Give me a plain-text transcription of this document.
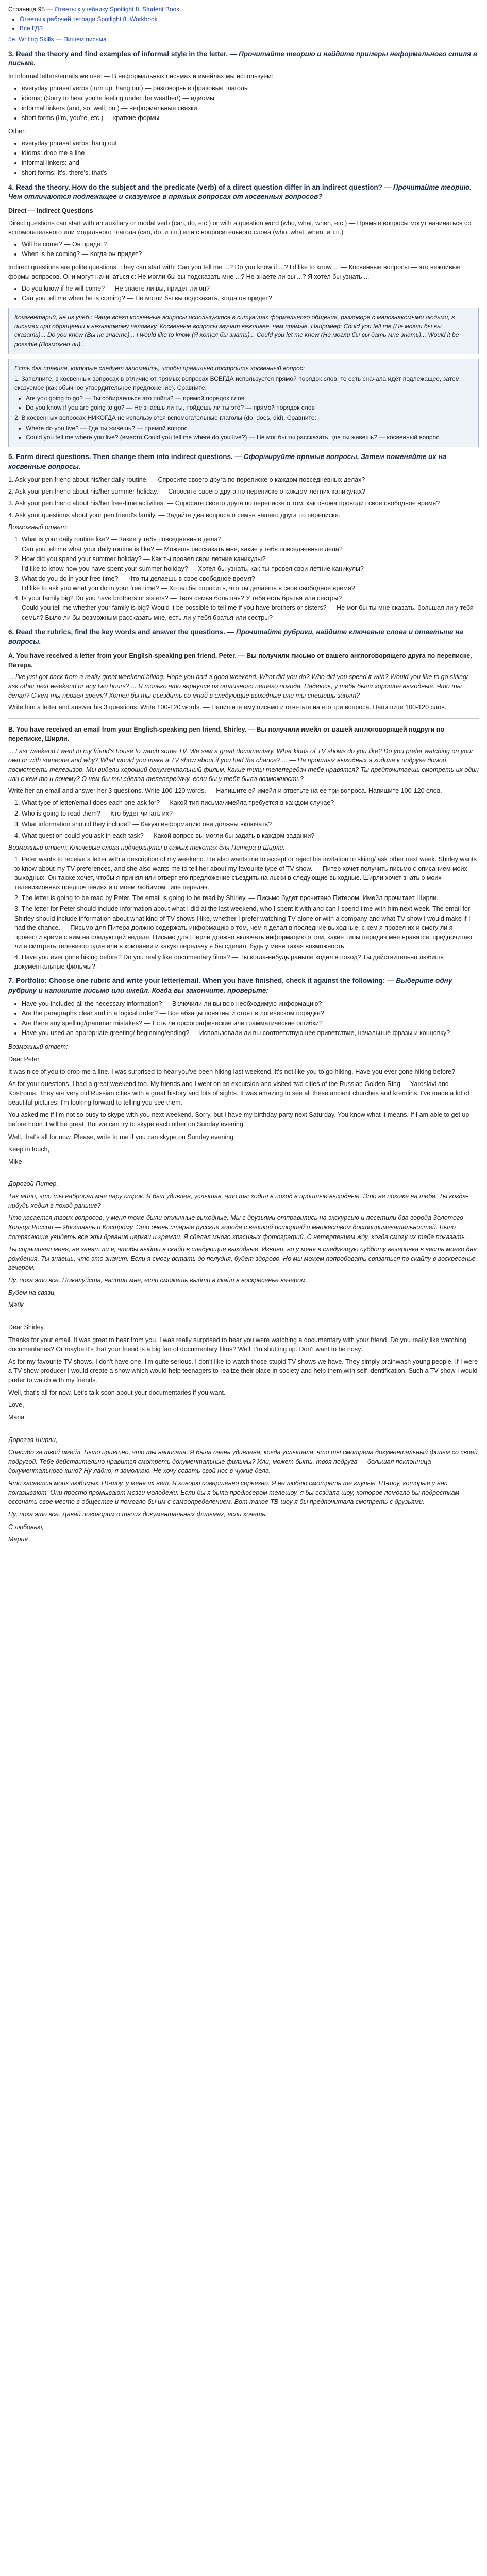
Страница 95 — Ответы к учебнику Spotlight 8. Student Book
• Ответы к рабочей тетради Spotlight 8. Workbook
• Все ГДЗ
5e. Writing Skills — Пишем письма
3. Read the theory and find examples of informal style in the letter. — Прочитайте теорию и найдите примеры неформального стиля в письме.

In informal letters/emails we use: — В неформальных письмах и имейлах мы используем:

• everyday phrasal verbs (turn up, hang out) — разговорные фразовые глаголы
• idioms; (Sorry to hear you're feeling under the weather!) — идиомы
• informal linkers (and, so, well, but) — неформальные связки
• short forms (I'm, you're, etc.) — краткие формы

Other:

• everyday phrasal verbs: hang out
• idioms: drop me a line
• informal linkers: and
• short forms: It's, there's, that's
4. Read the theory. How do the subject and the predicate (verb) of a direct question differ in an indirect question? — Прочитайте теорию. Чем отличаются подлежащее и сказуемое в прямых вопросах от косвенных вопросов?
Direct — Indirect Questions

Direct questions can start with an auxiliary or modal verb (can, do, etc.) or with a question word (who, what, when, etc.) — Прямые вопросы могут начинаться со вспомогательного или модального глагола (can, do, и т.п.) или с вопросительного слова (who, what, when, и т.п.)

• Will he come? — Он придет?
• When is he coming? — Когда он придет?

Indirect questions are polite questions. They can start with: Can you tell me ...? Do you know if ...? I'd like to know ... — Косвенные вопросы — это вежливые формы вопросов. Они могут начинаться с: Не могли бы вы подсказать мне ...? Не знаете ли вы ...? Я хотел бы узнать ...

• Do you know if he will come? — Не знаете ли вы, придет ли он?
• Can you tell me when he is coming? — Не могли бы вы подсказать, когда он придет?

Комментарий, не из учеб.: Чаще всего косвенные вопросы используются в ситуациях формального общения, разговоре с малознакомыми людьми, в письмах при обращении к незнакомому человеку. Косвенные вопросы звучат вежливее, чем прямые. Например: Could you tell me (Не могли бы вы сказать)... Do you know (Вы не знаете)... I would like to know (Я хотел бы знать)... Could you let me know (Не могли бы вы дать мне знать)... Would it be possible (Возможно ли)...

Есть два правила, которые следует запомнить, чтобы правильно построить косвенный вопрос:

1. Заполните, в косвенных вопросах в отличие от прямых вопросах ВСЕГДА используется прямой порядок слов, то есть сначала идёт подлежащее, затем сказуемое (как обычное утвердительное предложение). Сравните:

• Are you going to go? — Ты собираешься это пойти? — прямой порядок слов
• Do you know if you are going to go? — Не знаешь ли ты, пойдешь ли ты это? — прямой порядок слов

2. В косвенных вопросах НИКОГДА не используются вспомогательные глаголы (do, does, did). Сравните:

• Where do you live? — Где ты живешь? — прямой вопрос
• Could you tell me where you live? (вместо Could you tell me where do you live?) — Не мог бы ты рассказать, где ты живешь? — косвенный вопрос
5. Form direct questions. Then change them into indirect questions. — Сформируйте прямые вопросы. Затем поменяйте их на косвенные вопросы.

1. Ask your pen friend about his/her daily routine. — Спросите своего друга по переписке о каждом повседневных делах?

2. Ask your pen friend about his/her summer holiday. — Спросите своего друга по переписке о каждом летних каникулах?

3. Ask your pen friend about his/her free-time activities. — Спросите своего друга по переписке о том, как он/она проводит свое свободное время?

4. Ask your questions about your pen friend's family. — Задайте два вопроса о семье вашего друга по переписке.

Возможный ответ:

1. What is your daily routine like? — Какие у тебя повседневные дела?
Can you tell me what your daily routine is like? — Можешь рассказать мне, какие у тебя повседневные дела?
2. How did you spend your summer holiday? — Как ты провел свои летние каникулы?
I'd like to know how you have spent your summer holiday? — Хотел бы узнать, как ты провел свои летние каникулы?
3. What do you do in your free time? — Что ты делаешь в свое свободное время?
I'd like to ask you what you do in your free time? — Хотел бы спросить, что ты делаешь в свое свободное время?
4. Is your family big? Do you have brothers or sisters? — Твоя семья большая? У тебя есть братья или сестры?
Could you tell me whether your family is big? Would it be possible to tell me if you have brothers or sisters? — Не мог бы ты мне сказать, большая ли у тебя семья? Было ли бы возможным рассказать мне, есть ли у тебя братья или сестры?
6. Read the rubrics, find the key words and answer the questions. — Прочитайте рубрики, найдите ключевые слова и ответьте на вопросы.

A. You have received a letter from your English-speaking pen friend, Peter. — Вы получили письмо от вашего англоговорящего друга по переписке, Питера.

... I've just got back from a really great weekend hiking. Hope you had a good weekend. What did you do? Who did you spend it with? Would you like to go skiing/ ask other next weekend or any two hours? ... Я только что вернулся из отличного пешего похода. Надеюсь, у тебя были хорошие выходные. Что ты делал? С кем ты провел время? Хотел бы ты съездить со мной в следующие выходные или ты спешишь занят?

Write him a letter and answer his 3 questions. Write 100-120 words. — Напишите ему письмо и ответьте на его три вопроса. Напишите 100-120 слов.

B. You have received an email from your English-speaking pen friend, Shirley. — Вы получили имейл от вашей англоговорящей подруги по переписке, Ширли.

... Last weekend I went to my friend's house to watch some TV. We saw a great documentary. What kinds of TV shows do you like? Do you prefer watching on your own or with someone and why? What would you make a TV show about if you had the chance? ... — На прошлых выходных я ходила к подруге домой посмотреть телевизор. Мы видели хороший документальный фильм. Какие типы телепередач тебе нравятся? Ты предпочитаешь смотреть их один или с кем-то и почему? О чем бы ты сделал телепередачу, если бы у тебя была возможность?

Write her an email and answer her 3 questions. Write 100-120 words. — Напишите ей имейл и ответьте на ее три вопроса. Напишите 100-120 слов.

1. What type of letter/email does each one ask for? — Какой тип письма/имейла требуется в каждом случае?
2. Who is going to read them? — Кто будет читать их?
3. What information should they include? — Какую информацию они должны включать?
4. What question could you ask in each task? — Какой вопрос вы могли бы задать в каждом задании?

Возможный ответ: Ключевые слова подчеркнуты в самых текстах для Питера и Ширли.

1. Peter wants to receive a letter with a description of my weekend. He also wants me to accept or reject his invitation to skiing/ ask other next week. Shirley wants to know about my TV preferences, and she also wants me to tell her about my favourite type of TV show. — Питер хочет получить письмо с описанием моих выходных. Он также хочет, чтобы я принял или отверг его предложение съездить на лыжи в следующие выходные. Ширли хочет знать о моих телевизионных предпочтениях и о моем любимом типе передач.
2. The letter is going to be read by Peter. The email is going to be read by Shirley. — Письмо будет прочитано Питером. Имейл прочитает Ширли.
3. The letter for Peter should include information about what I did at the last weekend, who I spent it with and can I spend time with him next week. The email for Shirley should include information about what kind of TV shows I like, whether I prefer watching TV alone or with a company and what TV show I would make if I had the chance. — Письмо для Питера должно содержать информацию о том, чем я делал в последние выходные, с кем я провел их и смогу ли я провести время с ним на следующей неделе. Письмо для Ширли должно включать информацию о том, какие типы передач мне нравятся, предпочитаю ли я смотреть телевизор один или в компании и какую передачу я бы сделал, будь у меня такая возможность.
4. Have you ever gone hiking before? Do you really like documentary films? — Ты когда-нибудь раньше ходил в поход? Ты действительно любишь документальные фильмы?
7. Portfolio: Choose one rubric and write your letter/email. When you have finished, check it against the following: — Выберите одну рубрику и напишите письмо или имейл. Когда вы закончите, проверьте:
• Have you included all the necessary information? — Включили ли вы всю необходимую информацию?
• Are the paragraphs clear and in a logical order? — Все абзацы понятны и стоят в логическом порядке?
• Are there any spelling/grammar mistakes? — Есть ли орфографические или грамматические ошибки?
• Have you used an appropriate greeting/ beginning/ending? — Использовали ли вы соответствующее приветствие, начальные фразы и концовку?

Возможный ответ:

Dear Peter,

It was nice of you to drop me a line. I was surprised to hear you've been hiking last weekend. It's not like you to go hiking. Have you ever gone hiking before?

As for your questions, I had a great weekend too. My friends and I went on an excursion and visited two cities of the Russian Golden Ring — Yaroslavl and Kostroma. They are very old Russian cities with a great history and lots of sights. It was amazing to see all these ancient churches and kremlins. I've made a lot of beautiful pictures. I'm looking forward to telling you see them.

You asked me if I'm not so busy to skype with you next weekend. Sorry, but I have my birthday party next Saturday. You know what it means. If I am able to get up before noon it will be great. But we can try to skype each other on Sunday evening.

Well, that's all for now. Please, write to me if you can skype on Sunday evening.

Keep in touch,

Mike

Дорогой Питер,

Так мило, что ты набросал мне пару строк. Я был удивлен, услышав, что ты ходил в поход в прошлые выходные. Это не похоже на тебя. Ты когда-нибудь ходил в поход раньше?

Что касается твоих вопросов, у меня тоже были отличные выходные. Мы с друзьями отправились на экскурсию и посетили два города Золотого Кольца России — Ярославль и Кострому. Это очень старые русские города с великой историей и множеством достопримечательностей. Было потрясающе увидеть все эти древние церкви и кремли. Я сделал много красивых фотографий. С нетерпением жду, когда смогу их тебе показать.

Ты спрашивал меня, не занят ли я, чтобы выйти в скайп в следующие выходные. Извини, но у меня в следующую субботу вечеринка в честь моего дня рождения. Ты знаешь, что это значит. Если я смогу встать до полудня, будет здорово. Но мы можем попробовать связаться по скайпу в воскресенье вечером.

Ну, пока это все. Пожалуйста, напиши мне, если сможешь выйти в скайп в воскресенье вечером.

Будем на связи,

Майк

Dear Shirley,

Thanks for your email. It was great to hear from you. I was really surprised to hear you were watching a documentary with your friend. Do you really like watching documentaries? Or maybe it's that your friend is a big fan of documentary films? Well, I'm shutting up. Don't want to be nosy.

As for my favourite TV shows, I don't have one. I'm quite serious. I don't like to watch those stupid TV shows we have. They simply brainwash young people. If I were a TV show producer I would create a show which would help teenagers to realize their place in society and help them with self-identification. Such a TV show I would prefer to watch with my friends.

Well, that's all for now. Let's talk soon about your documentaries if you want.

Love,

Maria

Дорогая Ширли,

Спасибо за твой имейл. Было приятно, что ты написала. Я была очень удивлена, когда услышала, что ты смотрела документальный фильм со своей подругой. Тебе действительно нравится смотреть документальные фильмы? Или, может быть, твоя подруга — большая поклонница документального кино? Ну ладно, я замолкаю. Не хочу совать свой нос в чужие дела.

Что касается моих любимых ТВ-шоу, у меня их нет. Я говорю совершенно серьезно. Я не люблю смотреть те глупые ТВ-шоу, которые у нас показывают. Они просто промывают мозги молодежи. Если бы я была продюсером телешоу, я бы создала шоу, которое помогло бы подросткам осознать свое место в обществе и помогло бы им с самоопределением. Вот такое ТВ-шоу я бы предпочитала смотреть с друзьями.

Ну, пока это все. Давай поговорим о твоих документальных фильмах, если хочешь.

С любовью,

Мария
